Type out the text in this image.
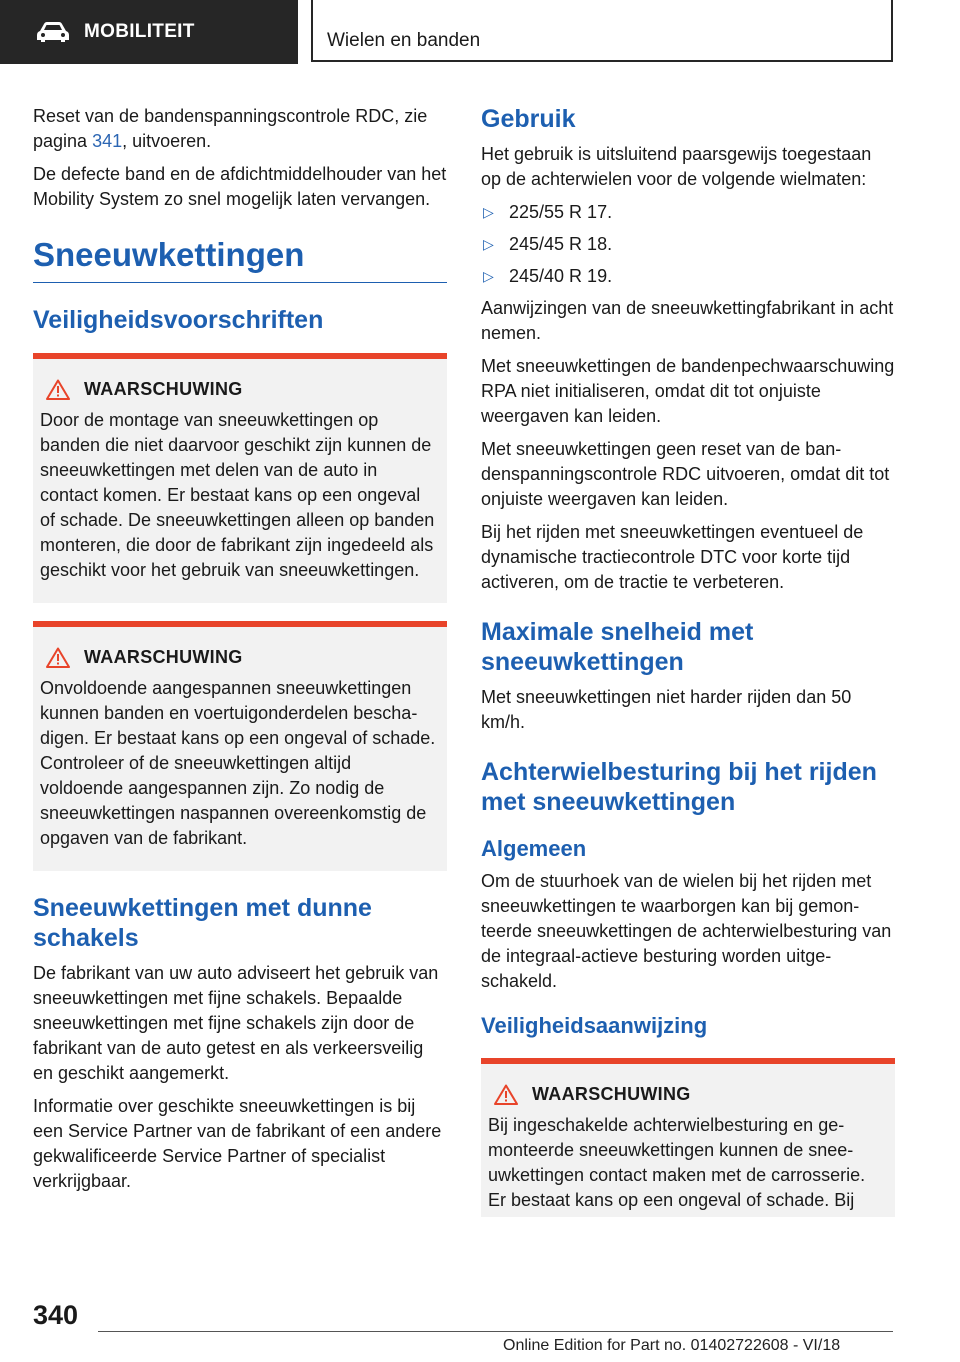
MOBILITEIT	Wielen en banden

Reset van de bandenspanningscontrole RDC, zie pagina 341, uitvoeren.

De defecte band en de afdichtmiddelhouder van het Mobility System zo snel mogelijk laten vervangen.

Sneeuwkettingen
Veiligheidsvoorschriften
WAARSCHUWING
Door de montage van sneeuwkettingen op banden die niet daarvoor geschikt zijn kunnen de sneeuwkettingen met delen van de auto in contact komen. Er bestaat kans op een ongeval of schade. De sneeuwkettingen alleen op banden monteren, die door de fabrikant zijn ingedeeld als geschikt voor het gebruik van sneeuwkettingen.
WAARSCHUWING
Onvoldoende aangespannen sneeuwkettingen kunnen banden en voertuigonderdelen beschadigen. Er bestaat kans op een ongeval of schade. Controleer of de sneeuwkettingen altijd voldoende aangespannen zijn. Zo nodig de sneeuwkettingen naspannen overeenkomstig de opgaven van de fabrikant.
Sneeuwkettingen met dunne schakels

De fabrikant van uw auto adviseert het gebruik van sneeuwkettingen met fijne schakels. Bepaalde sneeuwkettingen met fijne schakels zijn door de fabrikant van de auto getest en als verkeersveilig en geschikt aangemerkt.

Informatie over geschikte sneeuwkettingen is bij een Service Partner van de fabrikant of een andere gekwalificeerde Service Partner of specialist verkrijgbaar.

Gebruik

Het gebruik is uitsluitend paarsgewijs toegestaan op de achterwielen voor de volgende wielmaten:

▷ 225/55 R 17.
▷ 245/45 R 18.
▷ 245/40 R 19.

Aanwijzingen van de sneeuwkettingfabrikant in acht nemen.

Met sneeuwkettingen de bandenpechwaarschuwing RPA niet initialiseren, omdat dit tot onjuiste weergaven kan leiden.

Met sneeuwkettingen geen reset van de bandenspanningscontrole RDC uitvoeren, omdat dit tot onjuiste weergaven kan leiden.

Bij het rijden met sneeuwkettingen eventueel de dynamische tractiecontrole DTC voor korte tijd activeren, om de tractie te verbeteren.

Maximale snelheid met sneeuwkettingen

Met sneeuwkettingen niet harder rijden dan 50 km/h.

Achterwielbesturing bij het rijden met sneeuwkettingen
Algemeen

Om de stuurhoek van de wielen bij het rijden met sneeuwkettingen te waarborgen kan bij gemonteerde sneeuwkettingen de achterwielbesturing van de integraal-actieve besturing worden uitgeschakeld.

Veiligheidsaanwijzing
WAARSCHUWING
Bij ingeschakelde achterwielbesturing en gemonteerde sneeuwkettingen kunnen de sneeuwkettingen contact maken met de carrosserie. Er bestaat kans op een ongeval of schade. Bij
340
Online Edition for Part no. 01402722608 - VI/18
